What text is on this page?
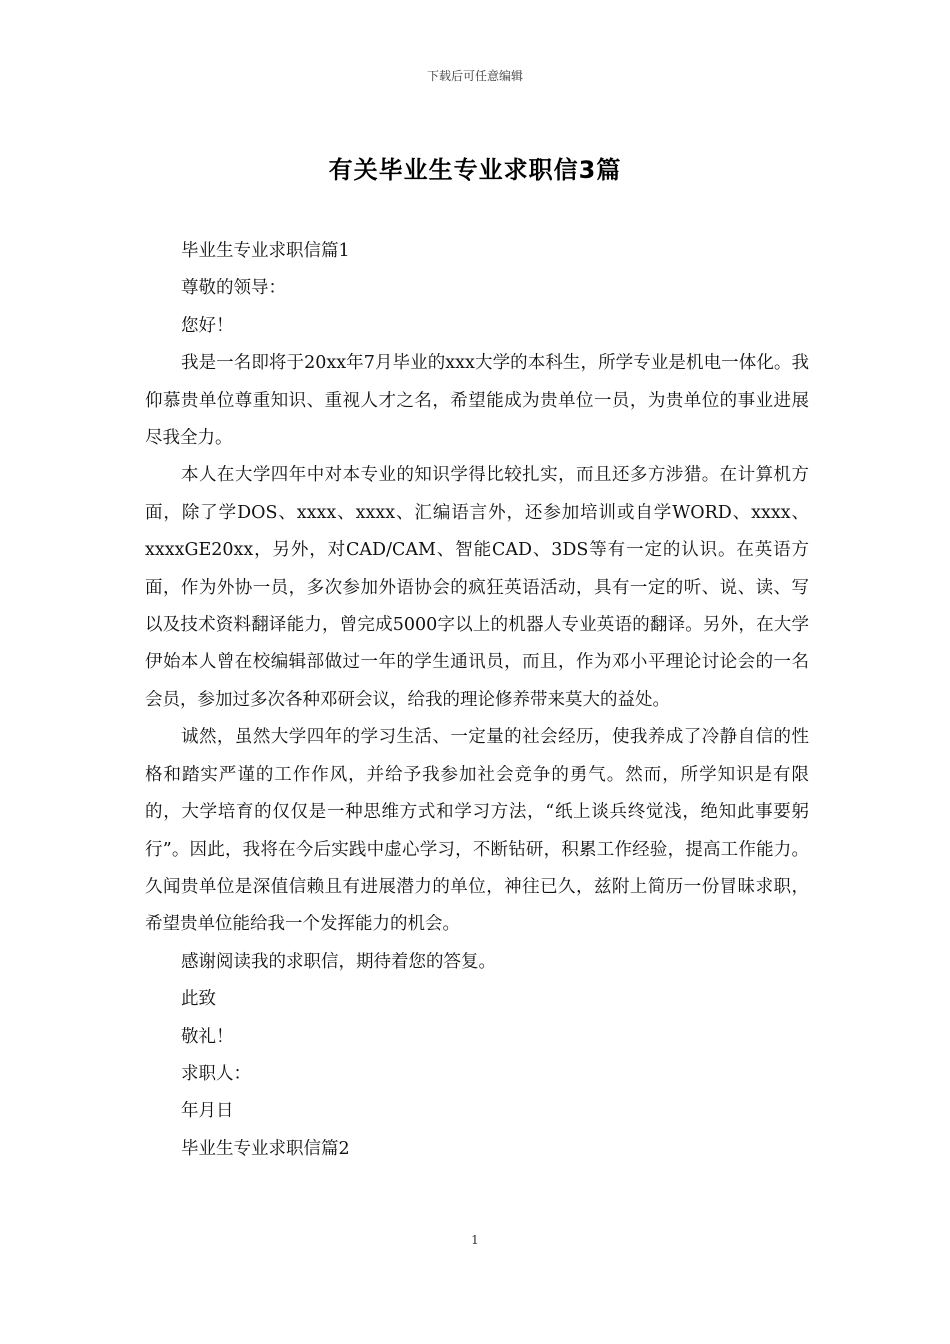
下载后可任意编辑
有关毕业生专业求职信3篇

毕业生专业求职信篇1

尊敬的领导：

您好！

我是一名即将于20xx年7月毕业的xxx大学的本科生，所学专业是机电一体化。我仰慕贵单位尊重知识、重视人才之名，希望能成为贵单位一员，为贵单位的事业进展尽我全力。

本人在大学四年中对本专业的知识学得比较扎实，而且还多方涉猎。在计算机方面，除了学DOS、xxxx、xxxx、汇编语言外，还参加培训或自学WORD、xxxx、xxxxGE20xx，另外，对CAD/CAM、智能CAD、3DS等有一定的认识。在英语方面，作为外协一员，多次参加外语协会的疯狂英语活动，具有一定的听、说、读、写以及技术资料翻译能力，曾完成5000字以上的机器人专业英语的翻译。另外，在大学伊始本人曾在校编辑部做过一年的学生通讯员，而且，作为邓小平理论讨论会的一名会员，参加过多次各种邓研会议，给我的理论修养带来莫大的益处。

诚然，虽然大学四年的学习生活、一定量的社会经历，使我养成了冷静自信的性格和踏实严谨的工作作风，并给予我参加社会竞争的勇气。然而，所学知识是有限的，大学培育的仅仅是一种思维方式和学习方法，“纸上谈兵终觉浅，绝知此事要躬行”。因此，我将在今后实践中虚心学习，不断钻研，积累工作经验，提高工作能力。久闻贵单位是深值信赖且有进展潜力的单位，神往已久，兹附上简历一份冒昧求职，希望贵单位能给我一个发挥能力的机会。

感谢阅读我的求职信，期待着您的答复。

此致

敬礼！

求职人：

年月日

毕业生专业求职信篇2

1
